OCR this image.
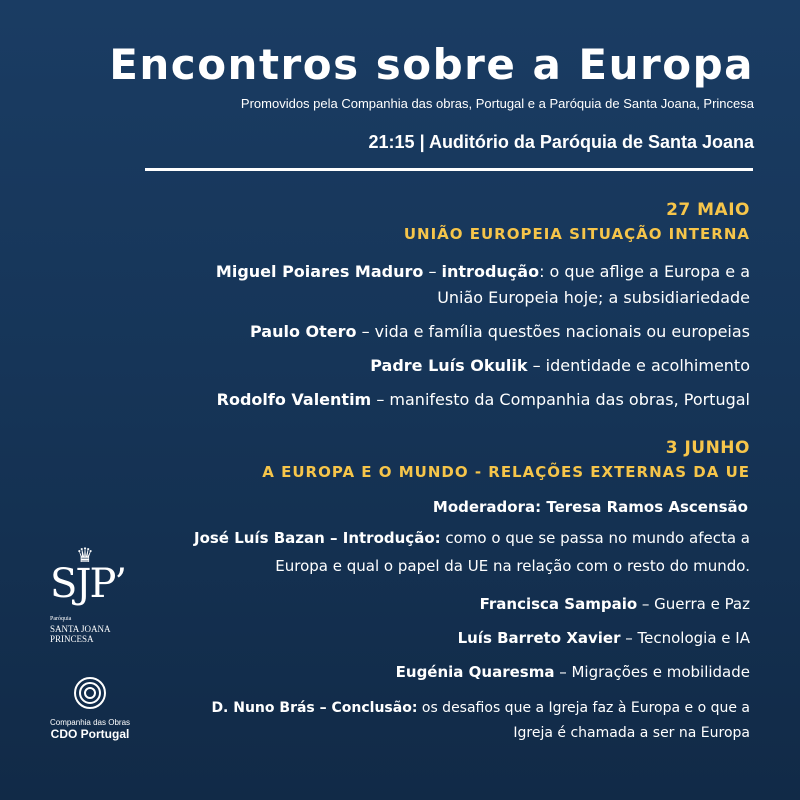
Encontros sobre a Europa
Promovidos pela Companhia das obras, Portugal e a Paróquia de Santa Joana, Princesa
21:15 | Auditório da Paróquia de Santa Joana
27 MAIO
UNIÃO EUROPEIA SITUAÇÃO INTERNA
Miguel Poiares Maduro – introdução: o que aflige a Europa e a
União Europeia hoje; a subsidiariedade
Paulo Otero – vida e família questões nacionais ou europeias
Padre Luís Okulik – identidade e acolhimento
Rodolfo Valentim – manifesto da Companhia das obras, Portugal
3 JUNHO
A EUROPA E O MUNDO - RELAÇÕES EXTERNAS DA UE
Moderadora: Teresa Ramos Ascensão
José Luís Bazan – Introdução: como o que se passa no mundo afecta a
Europa e qual o papel da UE na relação com o resto do mundo.
Francisca Sampaio – Guerra e Paz
Luís Barreto Xavier – Tecnologia e IA
Eugénia Quaresma – Migrações e mobilidade
D. Nuno Brás – Conclusão: os desafios que a Igreja faz à Europa e o que a
Igreja é chamada a ser na Europa
♛
SJP’
Paróquia
SANTA JOANA
PRINCESA
Companhia das Obras
CDO Portugal
